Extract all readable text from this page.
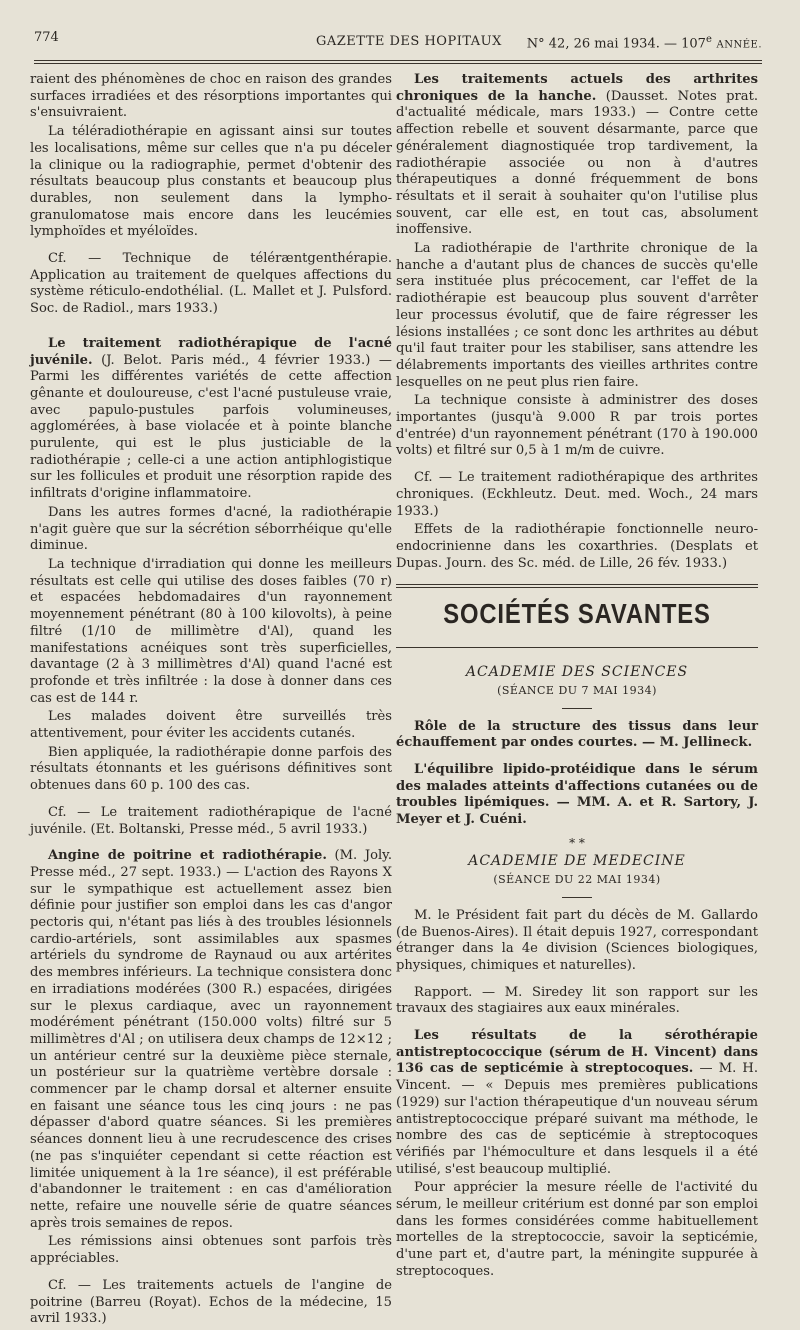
774	GAZETTE DES HOPITAUX N° 42, 26 mai 1934. — 107e ANNÉE.

raient des phénomènes de choc en raison des grandes surfaces irradiées et des résorptions importantes qui s'ensuivraient.

La téléradiothérapie en agissant ainsi sur toutes les localisations, même sur celles que n'a pu déceler la clinique ou la radiographie, permet d'obtenir des résultats beaucoup plus constants et beaucoup plus durables, non seulement dans la lympho-granulomatose mais encore dans les leucémies lymphoïdes et myéloïdes.

Cf. — Technique de téléræntgenthérapie. Application au traitement de quelques affections du système réticulo-endothélial. (L. Mallet et J. Pulsford. Soc. de Radiol., mars 1933.)

Le traitement radiothérapique de l'acné juvénile. (J. Belot. Paris méd., 4 février 1933.) — Parmi les différentes variétés de cette affection gênante et douloureuse, c'est l'acné pustuleuse vraie, avec papulo-pustules parfois volumineuses, agglomérées, à base violacée et à pointe blanche purulente, qui est le plus justiciable de la radiothérapie ; celle-ci a une action antiphlogistique sur les follicules et produit une résorption rapide des infiltrats d'origine inflammatoire.

Dans les autres formes d'acné, la radiothérapie n'agit guère que sur la sécrétion séborrhéique qu'elle diminue.

La technique d'irradiation qui donne les meilleurs résultats est celle qui utilise des doses faibles (70 r) et espacées hebdomadaires d'un rayonnement moyennement pénétrant (80 à 100 kilovolts), à peine filtré (1/10 de millimètre d'Al), quand les manifestations acnéiques sont très superficielles, davantage (2 à 3 millimètres d'Al) quand l'acné est profonde et très infiltrée : la dose à donner dans ces cas est de 144 r.

Les malades doivent être surveillés très attentivement, pour éviter les accidents cutanés.

Bien appliquée, la radiothérapie donne parfois des résultats étonnants et les guérisons définitives sont obtenues dans 60 p. 100 des cas.

Cf. — Le traitement radiothérapique de l'acné juvénile. (Et. Boltanski, Presse méd., 5 avril 1933.)

Angine de poitrine et radiothérapie. (M. Joly. Presse méd., 27 sept. 1933.) — L'action des Rayons X sur le sympathique est actuellement assez bien définie pour justifier son emploi dans les cas d'angor pectoris qui, n'étant pas liés à des troubles lésionnels cardio-artériels, sont assimilables aux spasmes artériels du syndrome de Raynaud ou aux artérites des membres inférieurs. La technique consistera donc en irradiations modérées (300 R.) espacées, dirigées sur le plexus cardiaque, avec un rayonnement modérément pénétrant (150.000 volts) filtré sur 5 millimètres d'Al ; on utilisera deux champs de 12×12 ; un antérieur centré sur la deuxième pièce sternale, un postérieur sur la quatrième vertèbre dorsale : commencer par le champ dorsal et alterner ensuite en faisant une séance tous les cinq jours : ne pas dépasser d'abord quatre séances. Si les premières séances donnent lieu à une recrudescence des crises (ne pas s'inquiéter cependant si cette réaction est limitée uniquement à la 1re séance), il est préférable d'abandonner le traitement : en cas d'amélioration nette, refaire une nouvelle série de quatre séances après trois semaines de repos.

Les rémissions ainsi obtenues sont parfois très appréciables.

Cf. — Les traitements actuels de l'angine de poitrine (Barreu (Royat). Echos de la médecine, 15 avril 1933.)

Les traitements actuels des arthrites chroniques de la hanche. (Dausset. Notes prat. d'actualité médicale, mars 1933.) — Contre cette affection rebelle et souvent désarmante, parce que généralement diagnostiquée trop tardivement, la radiothérapie associée ou non à d'autres thérapeutiques a donné fréquemment de bons résultats et il serait à souhaiter qu'on l'utilise plus souvent, car elle est, en tout cas, absolument inoffensive.

La radiothérapie de l'arthrite chronique de la hanche a d'autant plus de chances de succès qu'elle sera instituée plus précocement, car l'effet de la radiothérapie est beaucoup plus souvent d'arrêter leur processus évolutif, que de faire régresser les lésions installées ; ce sont donc les arthrites au début qu'il faut traiter pour les stabiliser, sans attendre les délabrements importants des vieilles arthrites contre lesquelles on ne peut plus rien faire.

La technique consiste à administrer des doses importantes (jusqu'à 9.000 R par trois portes d'entrée) d'un rayonnement pénétrant (170 à 190.000 volts) et filtré sur 0,5 à 1 m/m de cuivre.

Cf. — Le traitement radiothérapique des arthrites chroniques. (Eckhleutz. Deut. med. Woch., 24 mars 1933.)

Effets de la radiothérapie fonctionnelle neuro-endocrinienne dans les coxarthries. (Desplats et Dupas. Journ. des Sc. méd. de Lille, 26 fév. 1933.)

SOCIÉTÉS SAVANTES

ACADEMIE DES SCIENCES

(SÉANCE DU 7 MAI 1934)

Rôle de la structure des tissus dans leur échauffement par ondes courtes. — M. Jellineck.

L'équilibre lipido-protéidique dans le sérum des malades atteints d'affections cutanées ou de troubles lipémiques. — MM. A. et R. Sartory, J. Meyer et J. Cuéni.

* *

ACADEMIE DE MEDECINE

(SÉANCE DU 22 MAI 1934)

M. le Président fait part du décès de M. Gallardo (de Buenos-Aires). Il était depuis 1927, correspondant étranger dans la 4e division (Sciences biologiques, physiques, chimiques et naturelles).

Rapport. — M. Siredey lit son rapport sur les travaux des stagiaires aux eaux minérales.

Les résultats de la sérothérapie antistreptococcique (sérum de H. Vincent) dans 136 cas de septicémie à streptocoques. — M. H. Vincent. — « Depuis mes premières publications (1929) sur l'action thérapeutique d'un nouveau sérum antistreptococcique préparé suivant ma méthode, le nombre des cas de septicémie à streptocoques vérifiés par l'hémoculture et dans lesquels il a été utilisé, s'est beaucoup multiplié.

Pour apprécier la mesure réelle de l'activité du sérum, le meilleur critérium est donné par son emploi dans les formes considérées comme habituellement mortelles de la streptococcie, savoir la septicémie, d'une part et, d'autre part, la méningite suppurée à streptocoques.
